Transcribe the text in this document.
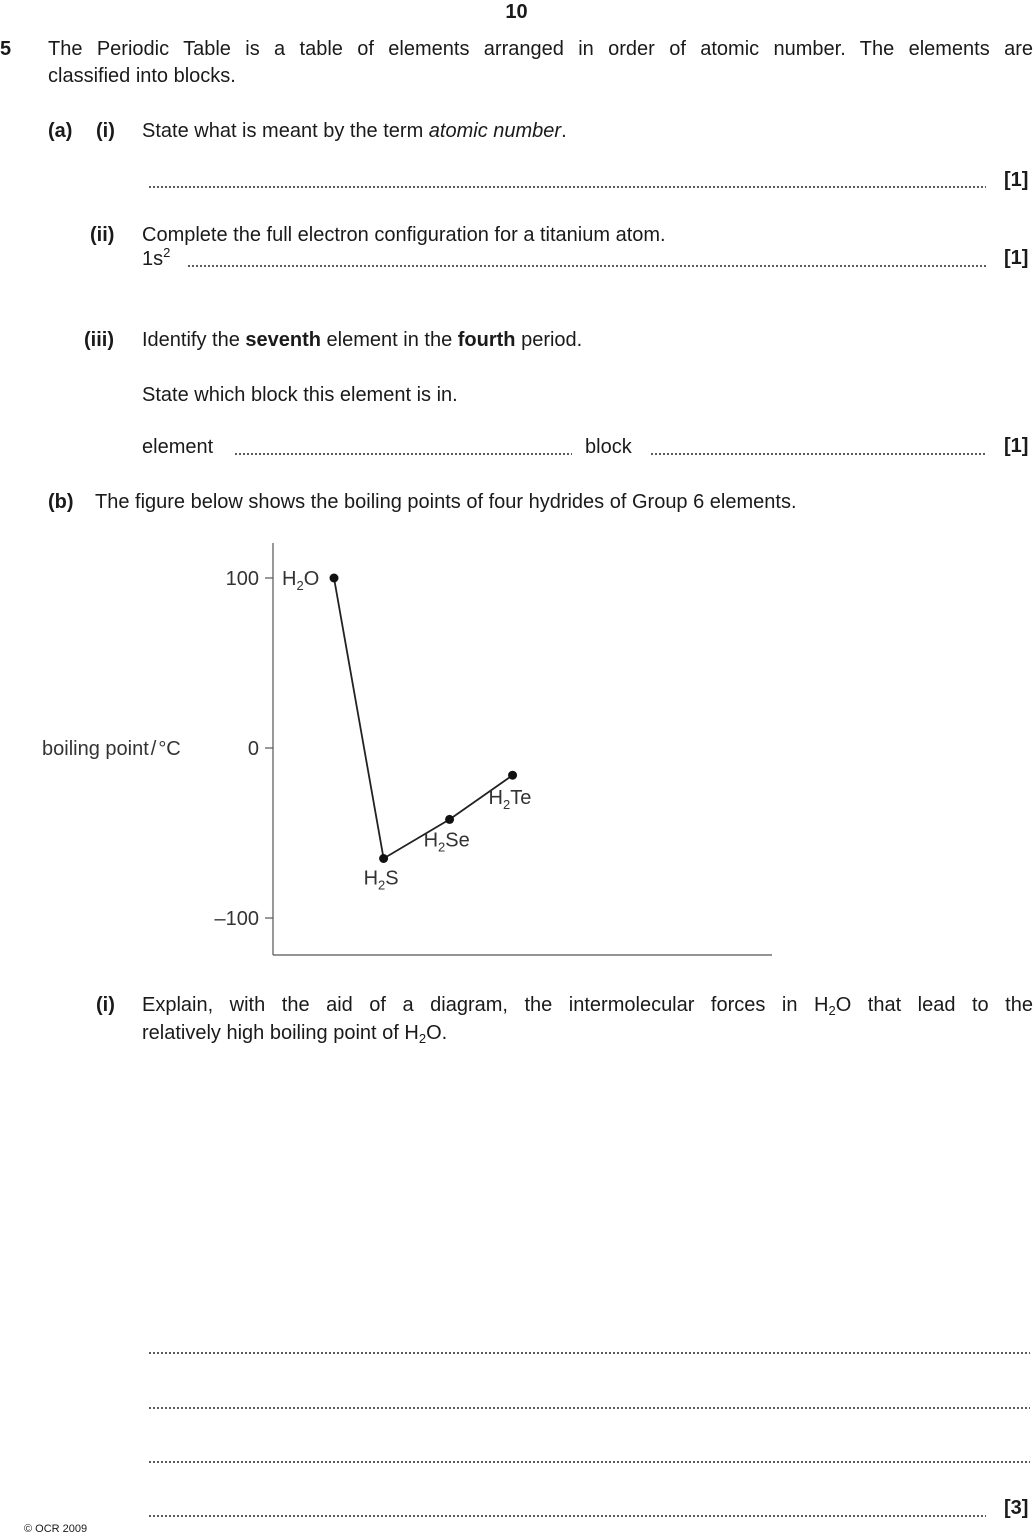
10
5 The Periodic Table is a table of elements arranged in order of atomic number. The elements are
classified into blocks.
(a) (i) State what is meant by the term atomic number.
[1]
(ii) Complete the full electron configuration for a titanium atom.
$1s^2$	[1]
(iii) Identify the seventh element in the fourth period.
State which block this element is in.
element	block	[1]
(b) The figure below shows the boiling points of four hydrides of Group 6 elements.
boiling point / °C
100
0
–100
$H_2O$
$H_2S$
$H_2Se$
$H_2Te$
(i) Explain, with the aid of a diagram, the intermolecular forces in $H_2O$ that lead to the
relatively high boiling point of $H_2O$.
[3]
© OCR 2009
